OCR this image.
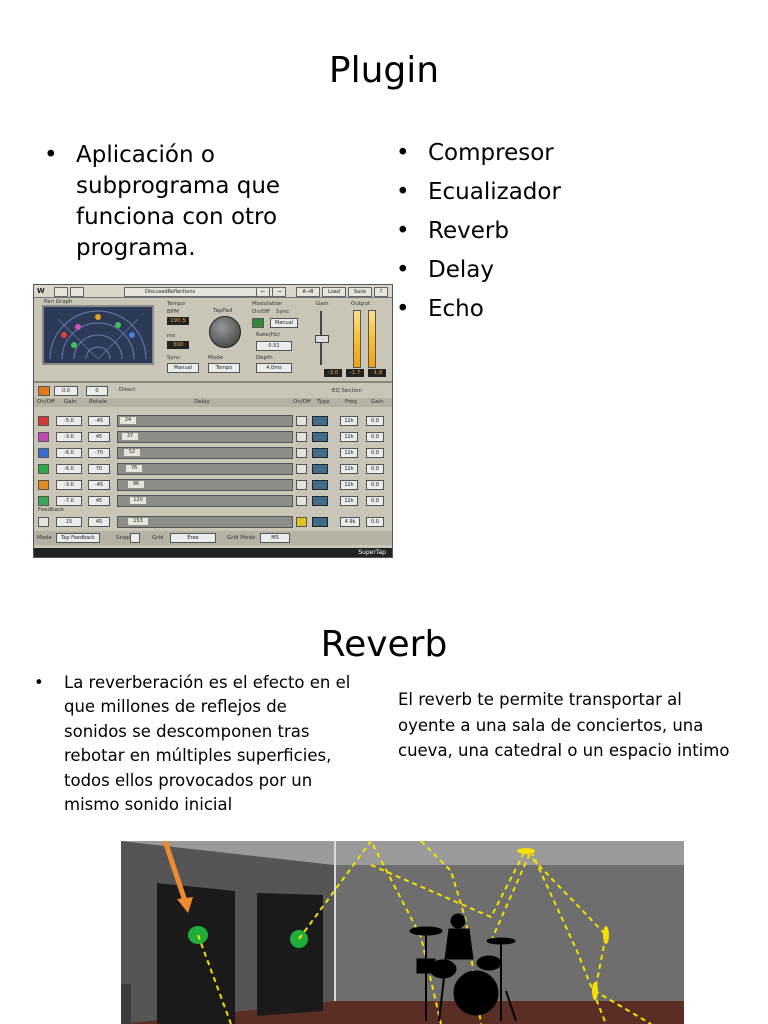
Plugin
• Aplicación o subprograma que funciona con otro programa.
• Compresor
• Ecualizador
• Reverb
• Delay
• Echo
W	DiscusedReflections	←	→	A→B	Load	Save	?
Pan Graph	Tempo
BPM
190.5
ms
300
Sync
Manual
Mode
Tempo
TapPad
Modulation
On/Off Sync
Manual
Rate(Hz)
0.51
Depth
4.0ms
Gain	Output
-3.0	-1.7	-1.8
0.0	0	Direct	EQ Section
On/Off Gain Rotate	Delay	On/Off Type	Freq	Gain
-5.0	-45	24	12k	0.0
-3.0	45	37	12k	0.0
-6.0	-70	52	12k	0.0
-6.0	70	76	12k	0.0
-3.0	-45	96	12k	0.0
-7.0	45	120	12k	0.0
Feedback
15	45	153	4.9k	0.0
Mode	Tap Feedback	Snap	Grid	Eree	Grid Mode	MS
SuperTap
Reverb
• La reverberación es el efecto en el que millones de reflejos de sonidos se descomponen tras rebotar en múltiples superficies, todos ellos provocados por un mismo sonido inicial
El reverb te permite transportar al oyente a una sala de conciertos, una cueva, una catedral o un espacio intimo
